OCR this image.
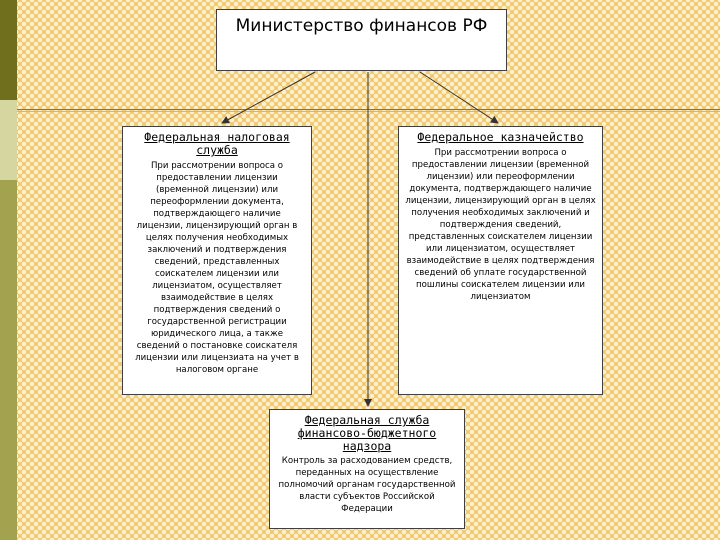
Министерство финансов РФ
Федеральная налоговая служба
При рассмотрении вопроса о предоставлении лицензии (временной лицензии) или переоформлении документа, подтверждающего наличие лицензии, лицензирующий орган в целях получения необходимых заключений и подтверждения сведений, представленных соискателем лицензии или лицензиатом, осуществляет взаимодействие в целях подтверждения сведений о государственной регистрации юридического лица, а также сведений о постановке соискателя лицензии или лицензиата на учет в налоговом органе
Федеральное казначейство
При рассмотрении вопроса о предоставлении лицензии (временной лицензии) или переоформлении документа, подтверждающего наличие лицензии, лицензирующий орган в целях получения необходимых заключений и подтверждения сведений, представленных соискателем лицензии или лицензиатом, осуществляет взаимодействие в целях подтверждения сведений об уплате государственной пошлины соискателем лицензии или лицензиатом
Федеральная служба финансово-бюджетного надзора
Контроль за расходованием средств, переданных на осуществление полномочий органам государственной власти субъектов Российской Федерации
